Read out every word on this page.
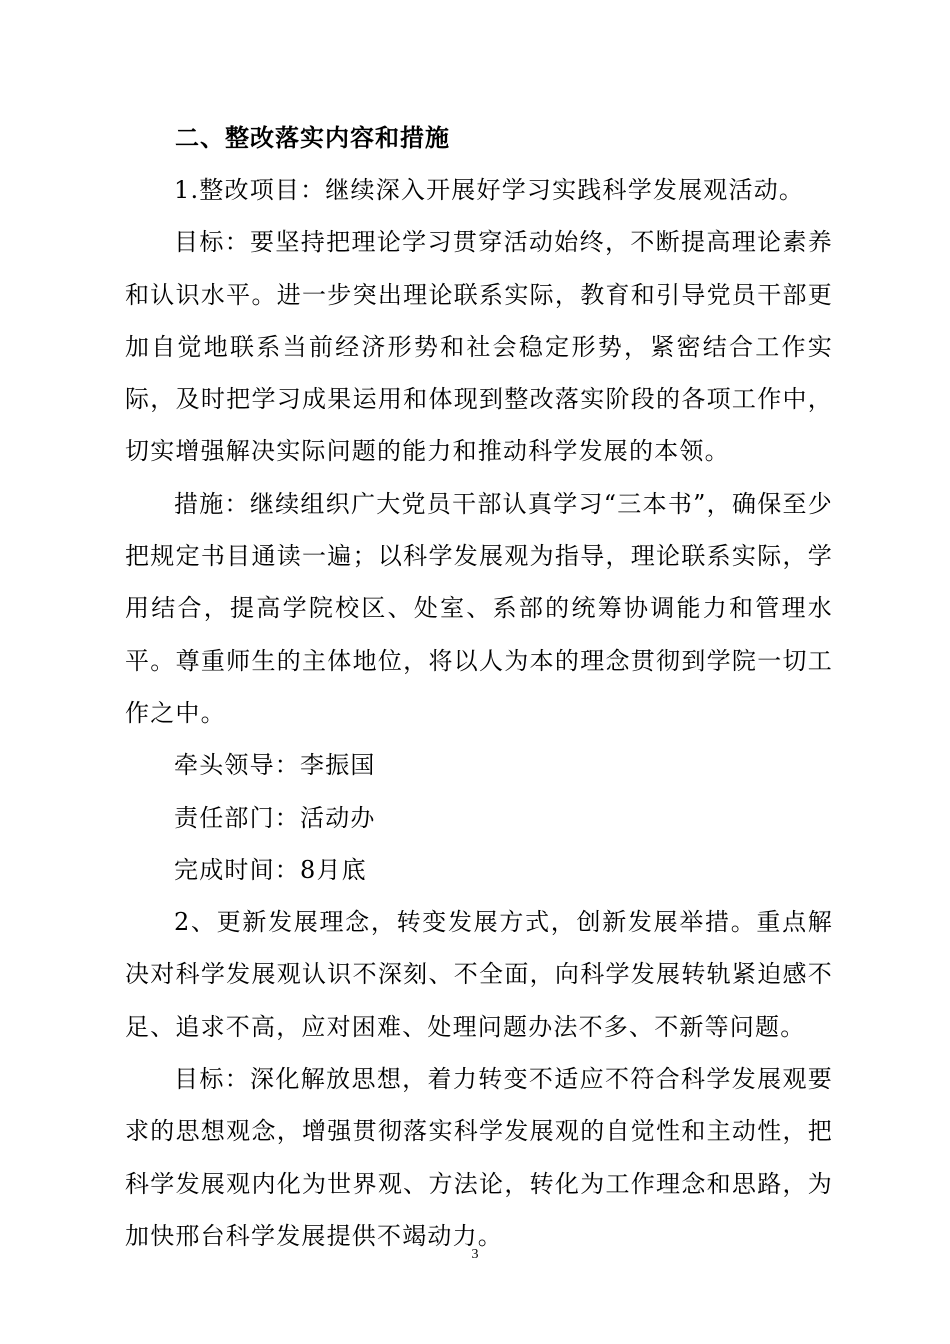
二、整改落实内容和措施

1.整改项目：继续深入开展好学习实践科学发展观活动。

目标：要坚持把理论学习贯穿活动始终，不断提高理论素养和认识水平。进一步突出理论联系实际，教育和引导党员干部更加自觉地联系当前经济形势和社会稳定形势，紧密结合工作实际，及时把学习成果运用和体现到整改落实阶段的各项工作中，切实增强解决实际问题的能力和推动科学发展的本领。

措施：继续组织广大党员干部认真学习“三本书”，确保至少把规定书目通读一遍；以科学发展观为指导，理论联系实际，学用结合，提高学院校区、处室、系部的统筹协调能力和管理水平。尊重师生的主体地位，将以人为本的理念贯彻到学院一切工作之中。

牵头领导：李振国

责任部门：活动办

完成时间：8月底

2、更新发展理念，转变发展方式，创新发展举措。重点解决对科学发展观认识不深刻、不全面，向科学发展转轨紧迫感不足、追求不高，应对困难、处理问题办法不多、不新等问题。

目标：深化解放思想，着力转变不适应不符合科学发展观要求的思想观念，增强贯彻落实科学发展观的自觉性和主动性，把科学发展观内化为世界观、方法论，转化为工作理念和思路，为加快邢台科学发展提供不竭动力。

3
